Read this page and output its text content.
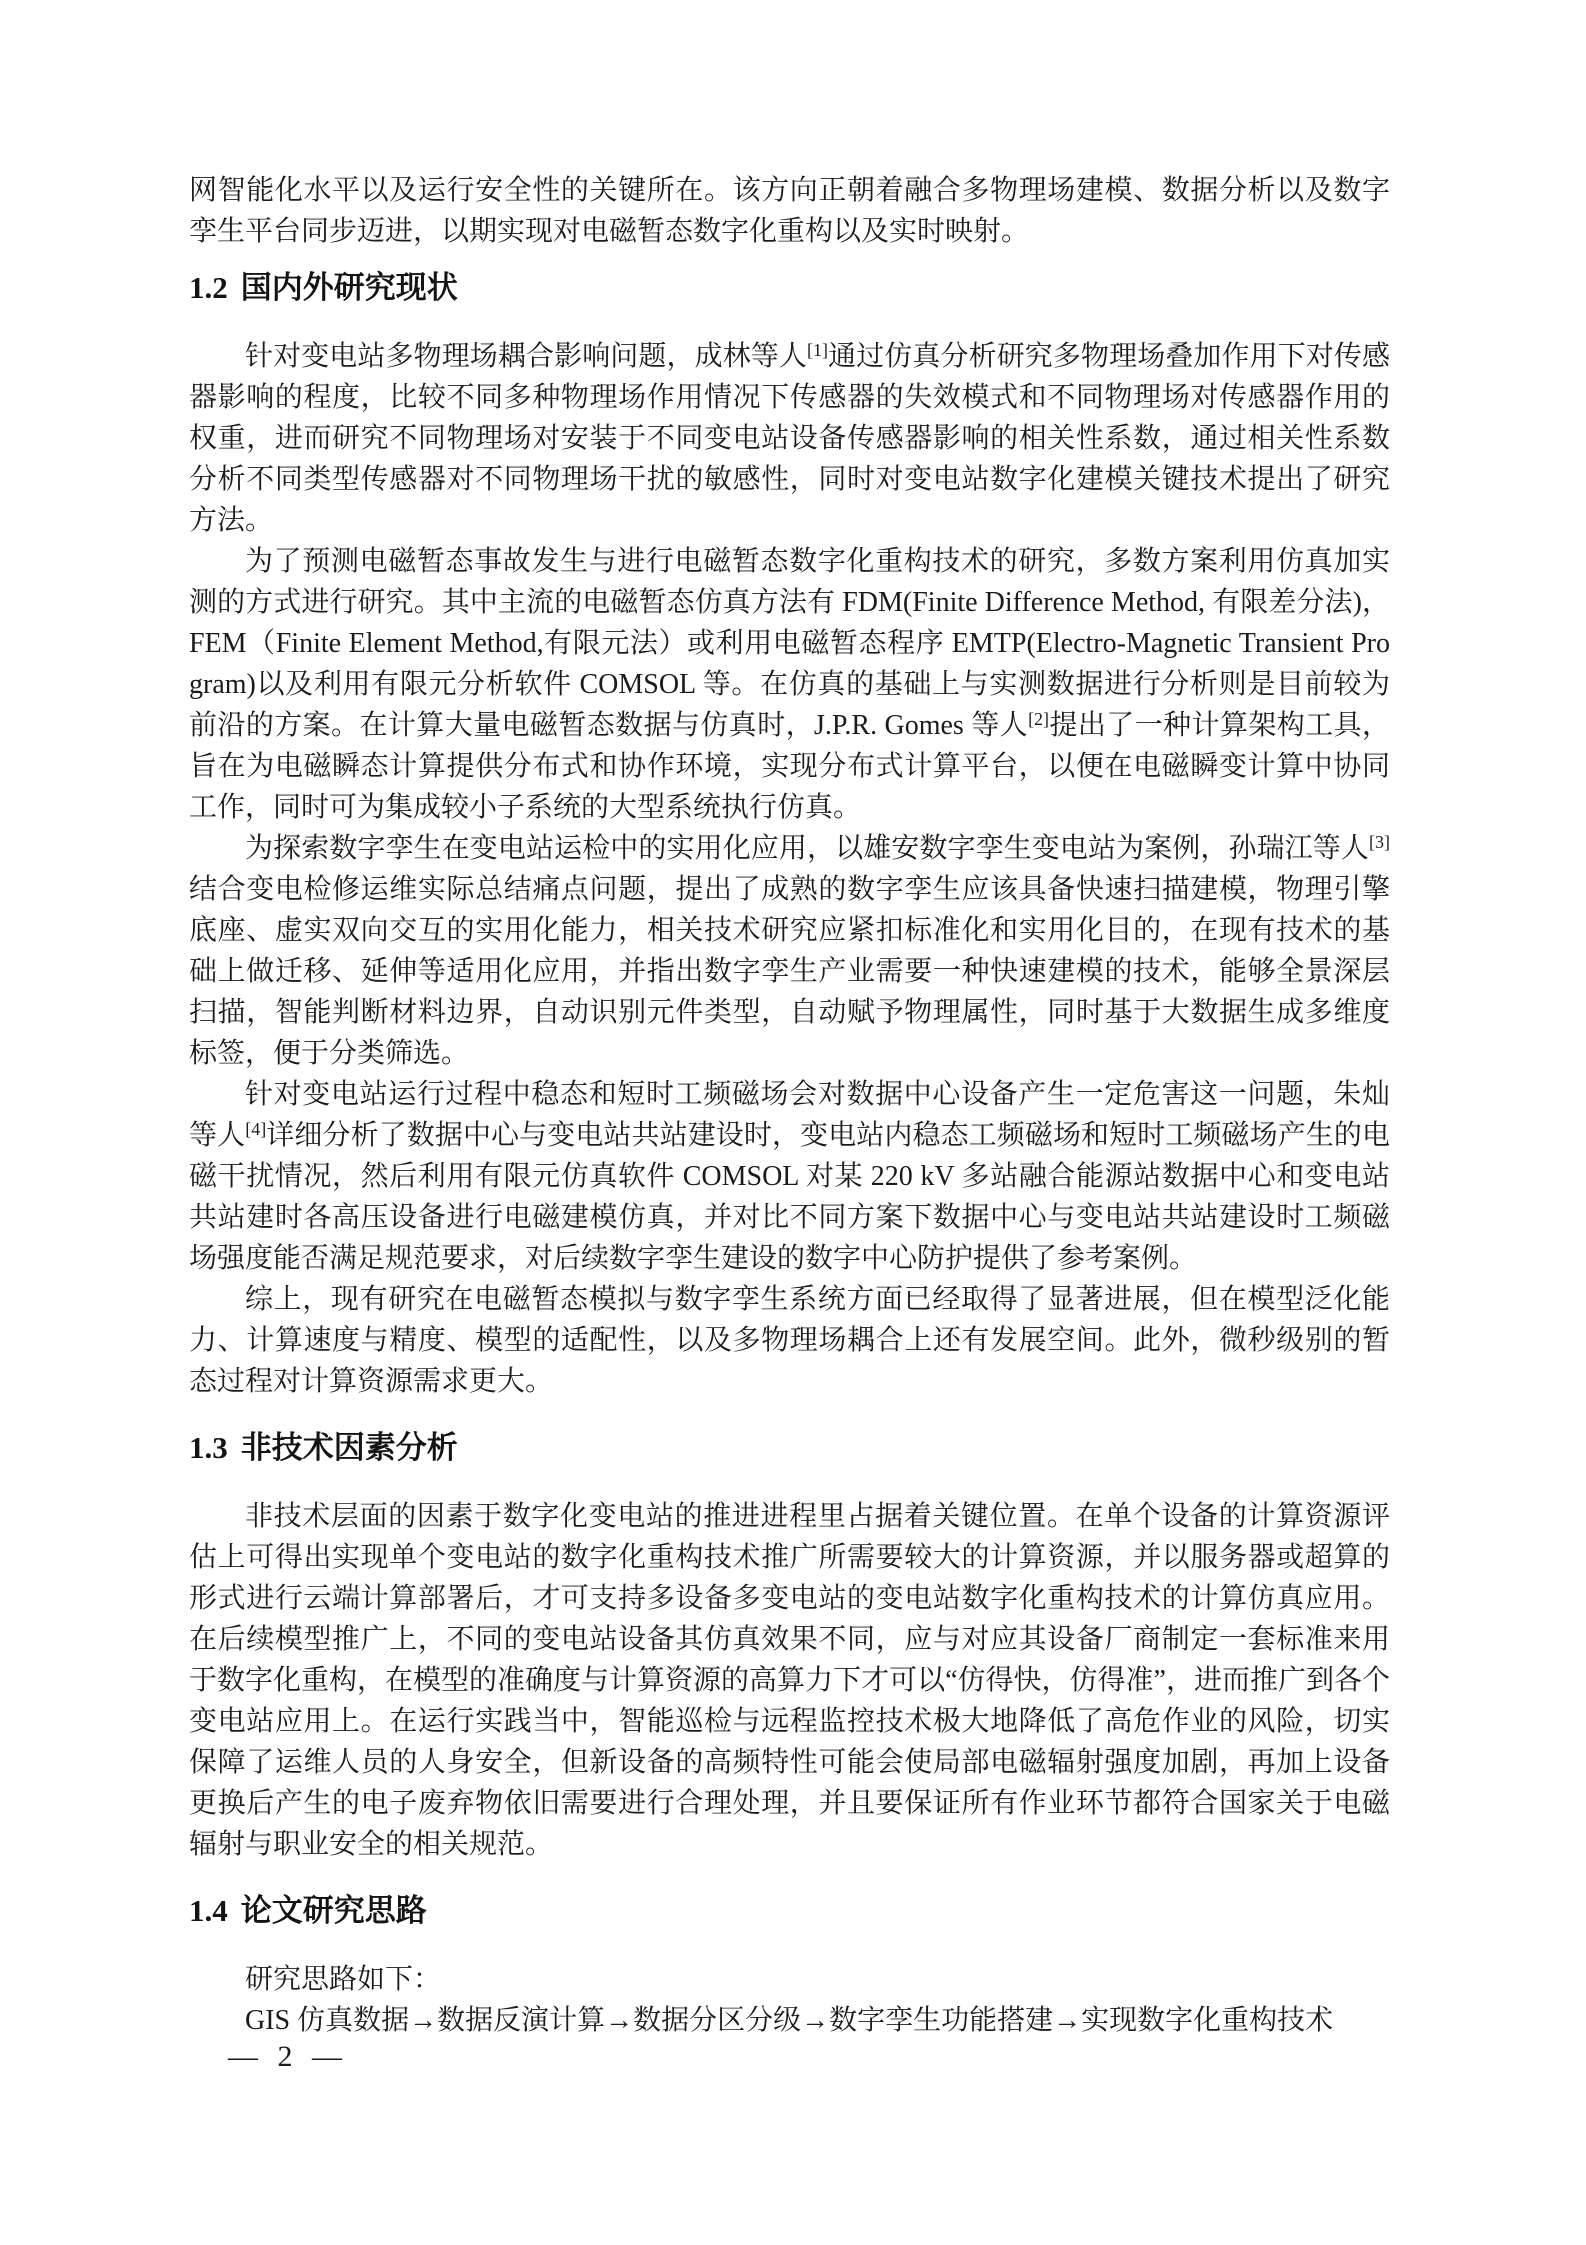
网智能化水平以及运行安全性的关键所在。该方向正朝着融合多物理场建模、数据分析以及数字孪生平台同步迈进，以期实现对电磁暂态数字化重构以及实时映射。

1.2 国内外研究现状

针对变电站多物理场耦合影响问题，成林等人[1]通过仿真分析研究多物理场叠加作用下对传感器影响的程度，比较不同多种物理场作用情况下传感器的失效模式和不同物理场对传感器作用的权重，进而研究不同物理场对安装于不同变电站设备传感器影响的相关性系数，通过相关性系数分析不同类型传感器对不同物理场干扰的敏感性，同时对变电站数字化建模关键技术提出了研究方法。

为了预测电磁暂态事故发生与进行电磁暂态数字化重构技术的研究，多数方案利用仿真加实测的方式进行研究。其中主流的电磁暂态仿真方法有 FDM(Finite Difference Method, 有限差分法)，FEM（Finite Element Method,有限元法）或利用电磁暂态程序 EMTP(Electro-Magnetic Transient Program)以及利用有限元分析软件 COMSOL 等。在仿真的基础上与实测数据进行分析则是目前较为前沿的方案。在计算大量电磁暂态数据与仿真时，J.P.R. Gomes 等人[2]提出了一种计算架构工具，旨在为电磁瞬态计算提供分布式和协作环境，实现分布式计算平台，以便在电磁瞬变计算中协同工作，同时可为集成较小子系统的大型系统执行仿真。

为探索数字孪生在变电站运检中的实用化应用，以雄安数字孪生变电站为案例，孙瑞江等人[3]结合变电检修运维实际总结痛点问题，提出了成熟的数字孪生应该具备快速扫描建模，物理引擎底座、虚实双向交互的实用化能力，相关技术研究应紧扣标准化和实用化目的，在现有技术的基础上做迁移、延伸等适用化应用，并指出数字孪生产业需要一种快速建模的技术，能够全景深层扫描，智能判断材料边界，自动识别元件类型，自动赋予物理属性，同时基于大数据生成多维度标签，便于分类筛选。

针对变电站运行过程中稳态和短时工频磁场会对数据中心设备产生一定危害这一问题，朱灿等人[4]详细分析了数据中心与变电站共站建设时，变电站内稳态工频磁场和短时工频磁场产生的电磁干扰情况，然后利用有限元仿真软件 COMSOL 对某 220 kV 多站融合能源站数据中心和变电站共站建时各高压设备进行电磁建模仿真，并对比不同方案下数据中心与变电站共站建设时工频磁场强度能否满足规范要求，对后续数字孪生建设的数字中心防护提供了参考案例。

综上，现有研究在电磁暂态模拟与数字孪生系统方面已经取得了显著进展，但在模型泛化能力、计算速度与精度、模型的适配性，以及多物理场耦合上还有发展空间。此外，微秒级别的暂态过程对计算资源需求更大。

1.3 非技术因素分析

非技术层面的因素于数字化变电站的推进进程里占据着关键位置。在单个设备的计算资源评估上可得出实现单个变电站的数字化重构技术推广所需要较大的计算资源，并以服务器或超算的形式进行云端计算部署后，才可支持多设备多变电站的变电站数字化重构技术的计算仿真应用。在后续模型推广上，不同的变电站设备其仿真效果不同，应与对应其设备厂商制定一套标准来用于数字化重构，在模型的准确度与计算资源的高算力下才可以“仿得快，仿得准”，进而推广到各个变电站应用上。在运行实践当中，智能巡检与远程监控技术极大地降低了高危作业的风险，切实保障了运维人员的人身安全，但新设备的高频特性可能会使局部电磁辐射强度加剧，再加上设备更换后产生的电子废弃物依旧需要进行合理处理，并且要保证所有作业环节都符合国家关于电磁辐射与职业安全的相关规范。

1.4 论文研究思路

研究思路如下：

GIS 仿真数据→数据反演计算→数据分区分级→数字孪生功能搭建→实现数字化重构技术

— 2 —
